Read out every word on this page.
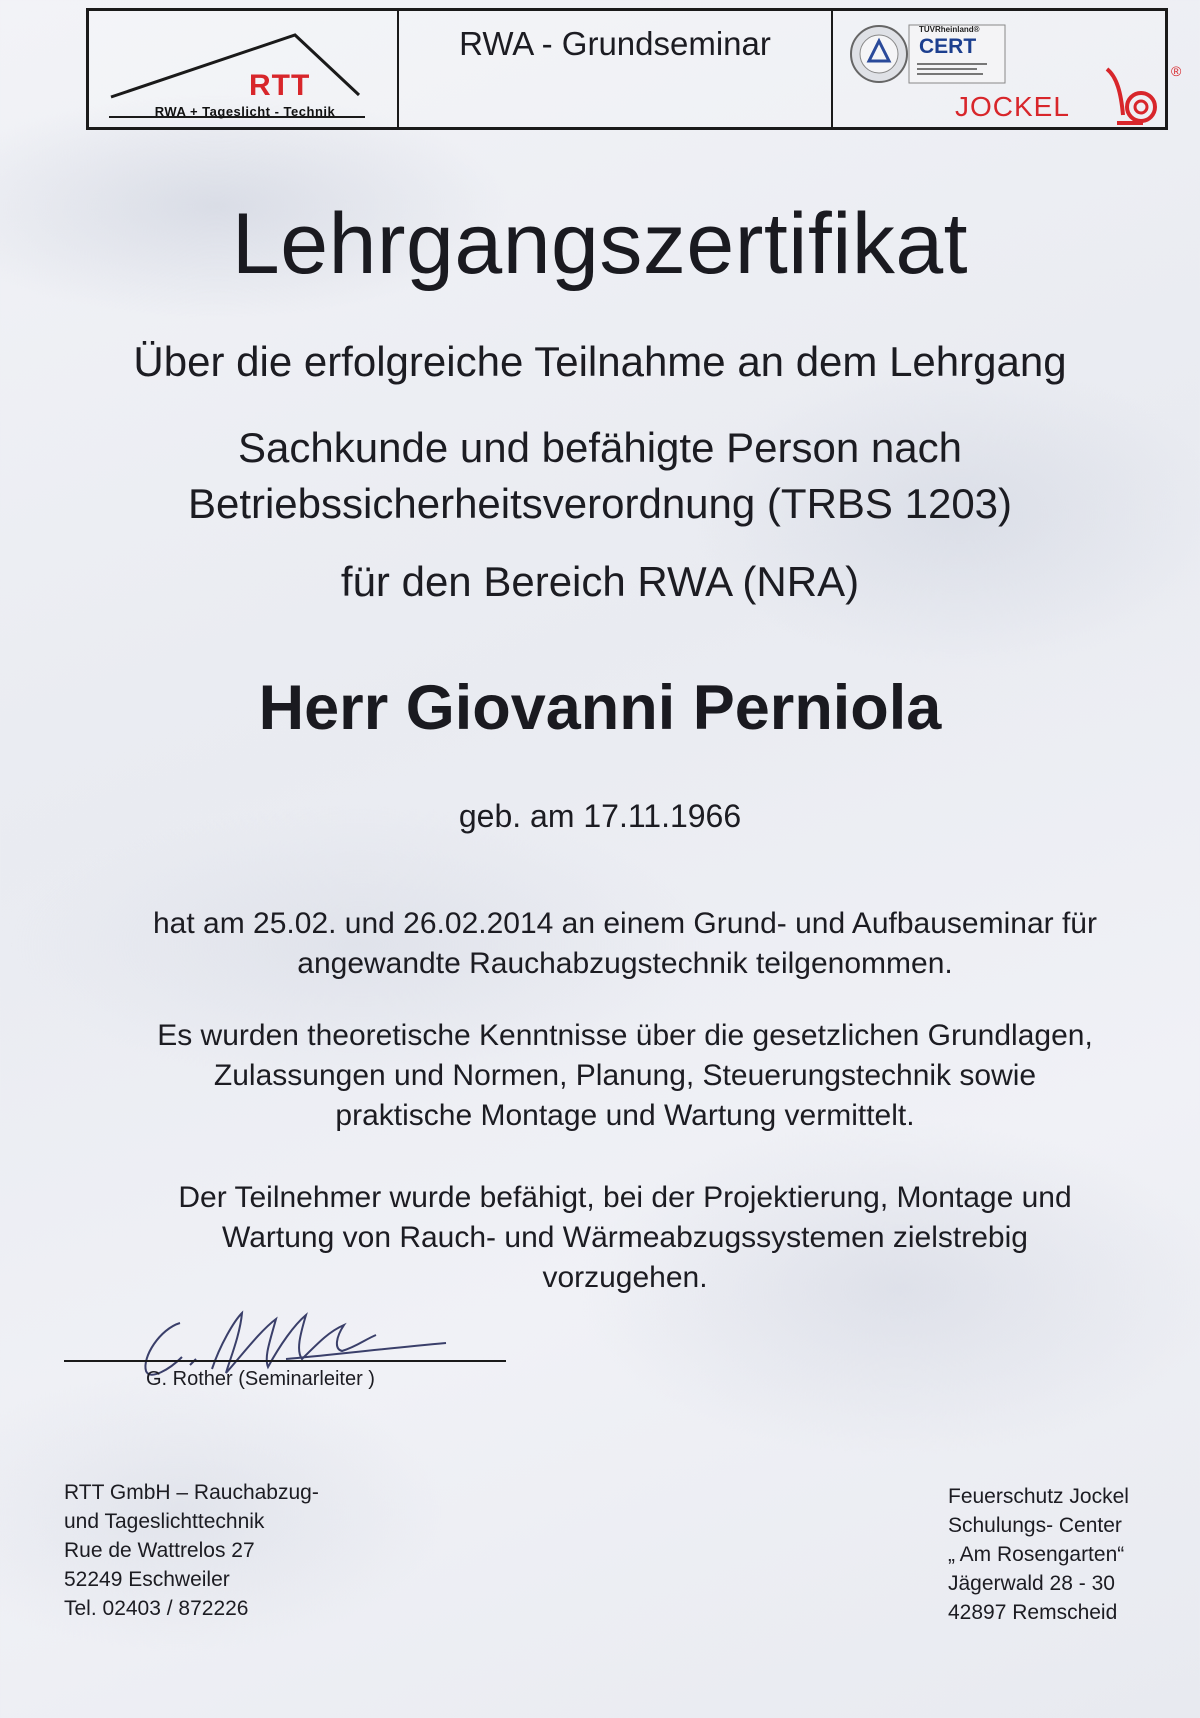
RTT
RWA + Tageslicht - Technik
RWA - Grundseminar	TÜVRheinland®
CERT
JOCKEL
®
Lehrgangszertifikat
Über die erfolgreiche Teilnahme an dem Lehrgang
Sachkunde und befähigte Person nach
Betriebssicherheitsverordnung (TRBS 1203)
für den Bereich RWA (NRA)
Herr Giovanni Perniola
geb. am 17.11.1966
hat am 25.02. und 26.02.2014 an einem Grund- und Aufbauseminar für
angewandte Rauchabzugstechnik teilgenommen.
Es wurden theoretische Kenntnisse über die gesetzlichen Grundlagen,
Zulassungen und Normen, Planung, Steuerungstechnik sowie
praktische Montage und Wartung vermittelt.
Der Teilnehmer wurde befähigt, bei der Projektierung, Montage und
Wartung von Rauch- und Wärmeabzugssystemen zielstrebig
vorzugehen.
G. Rother (Seminarleiter )
RTT GmbH – Rauchabzug-
und Tageslichttechnik
Rue de Wattrelos 27
52249 Eschweiler
Tel. 02403 / 872226
Feuerschutz Jockel
Schulungs- Center
„ Am Rosengarten“
Jägerwald 28 - 30
42897 Remscheid
